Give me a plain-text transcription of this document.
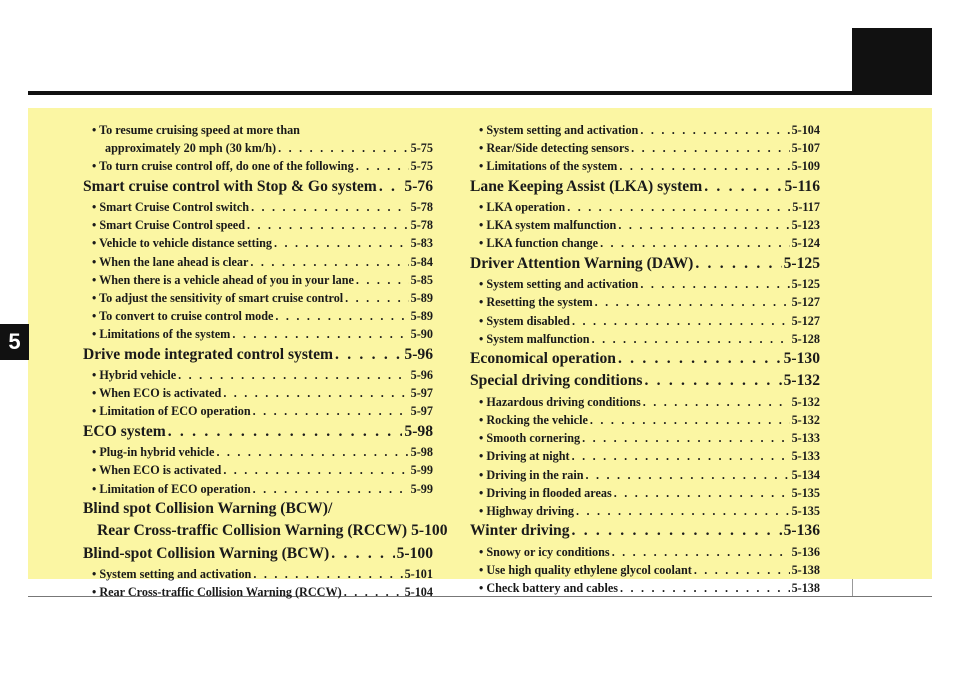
5
• To resume cruising speed at more than
approximately 20 mph (30 km/h) . . .	5-75
• To turn cruise control off, do one of the following . . .	5-75
Smart cruise control with Stop & Go system . . . 5-76
• Smart Cruise Control switch . . .	5-78
• Smart Cruise Control speed . . .	5-78
• Vehicle to vehicle distance setting . . .	5-83
• When the lane ahead is clear . . .	5-84
• When there is a vehicle ahead of you in your lane . . .	5-85
• To adjust the sensitivity of smart cruise control . . .	5-89
• To convert to cruise control mode . . .	5-89
• Limitations of the system . . .	5-90
Drive mode integrated control system . . .	5-96
• Hybrid vehicle . . .	5-96
• When ECO is activated . . .	5-97
• Limitation of ECO operation . . .	5-97
ECO system . . .	5-98
• Plug-in hybrid vehicle . . .	5-98
• When ECO is activated . . .	5-99
• Limitation of ECO operation . . .	5-99
Blind spot Collision Warning (BCW)/
Rear Cross-traffic Collision Warning (RCCW) 5-100
Blind-spot Collision Warning (BCW) . . .	5-100
• System setting and activation . . .	5-101
• Rear Cross-traffic Collision Warning (RCCW) . . .	5-104
• System setting and activation . . .	5-104
• Rear/Side detecting sensors . . .	5-107
• Limitations of the system . . .	5-109
Lane Keeping Assist (LKA) system . . .	5-116
• LKA operation . . .	5-117
• LKA system malfunction . . .	5-123
• LKA function change . . .	5-124
Driver Attention Warning (DAW) . . .	5-125
• System setting and activation . . .	5-125
• Resetting the system . . .	5-127
• System disabled . . .	5-127
• System malfunction . . .	5-128
Economical operation . . .	5-130
Special driving conditions . . .	5-132
• Hazardous driving conditions . . .	5-132
• Rocking the vehicle . . .	5-132
• Smooth cornering . . .	5-133
• Driving at night . . .	5-133
• Driving in the rain . . .	5-134
• Driving in flooded areas . . .	5-135
• Highway driving . . .	5-135
Winter driving . . .	5-136
• Snowy or icy conditions . . .	5-136
• Use high quality ethylene glycol coolant . . .	5-138
• Check battery and cables . . .	5-138
